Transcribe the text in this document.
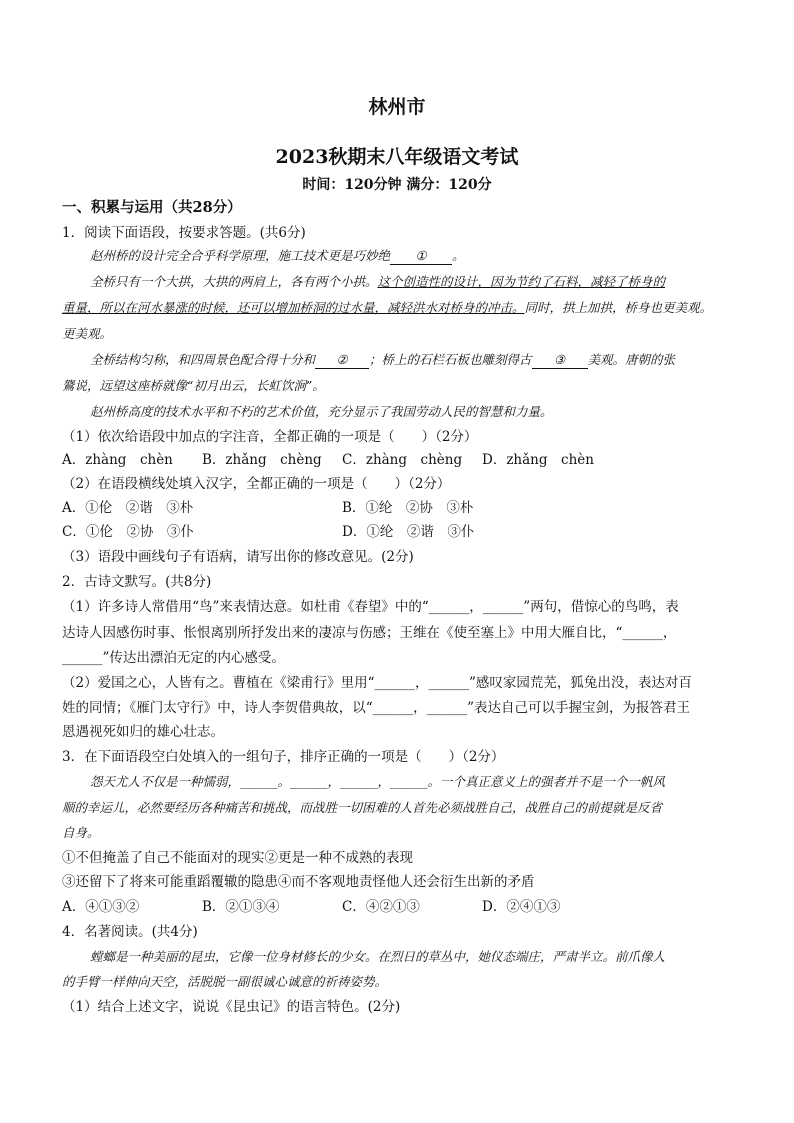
林州市
2023秋期末八年级语文考试
时间：120分钟 满分：120分
一、积累与运用（共28分）
1．阅读下面语段，按要求答题。(共6分)
赵州桥的设计完全合乎科学原理，施工技术更是巧妙绝 ① 。
全桥只有一个大拱，大拱的两肩上，各有两个小拱。这个创造性的设计，因为节约了石料，减轻了桥身的
重量，所以在河水暴涨的时候，还可以增加桥洞的过水量，减轻洪水对桥身的冲击。同时，拱上加拱，桥身也更美观。
更美观。
全桥结构匀称，和四周景色配合得十分和 ② ；桥上的石栏石板也雕刻得古 ③ 美观。唐朝的张
鷟说，远望这座桥就像“初月出云，长虹饮涧”。
赵州桥高度的技术水平和不朽的艺术价值，充分显示了我国劳动人民的智慧和力量。
（1）依次给语段中加点的字注音，全都正确的一项是（　　）（2分）
A．zhàng　chèn B．zhǎng　chèng C．zhàng　chèng D．zhǎng　chèn
（2）在语段横线处填入汉字，全都正确的一项是（　　）（2分）
A．①伦　②谐　③朴	B．①纶　②协　③朴
C．①伦　②协　③仆	D．①纶　②谐　③仆
（3）语段中画线句子有语病，请写出你的修改意见。(2分)
2．古诗文默写。(共8分)
（1）许多诗人常借用“鸟”来表情达意。如杜甫《春望》中的“______，______”两句，借惊心的鸟鸣，表
达诗人因感伤时事、怅恨离别所抒发出来的凄凉与伤感；王维在《使至塞上》中用大雁自比，“______，
______”传达出漂泊无定的内心感受。
（2）爱国之心，人皆有之。曹植在《梁甫行》里用“______，______”感叹家园荒芜，狐兔出没，表达对百
姓的同情；《雁门太守行》中，诗人李贺借典故，以“______，______”表达自己可以手握宝剑，为报答君王
恩遇视死如归的雄心壮志。
3．在下面语段空白处填入的一组句子，排序正确的一项是（　　）（2分）
怨天尤人不仅是一种懦弱，______。______，______，______。一个真正意义上的强者并不是一个一帆风
顺的幸运儿，必然要经历各种痛苦和挑战，而战胜一切困难的人首先必须战胜自己，战胜自己的前提就是反省
自身。
①不但掩盖了自己不能面对的现实②更是一种不成熟的表现
③还留下了将来可能重蹈覆辙的隐患④而不客观地责怪他人还会衍生出新的矛盾
A．④①③②	B．②①③④	C．④②①③	D．②④①③
4．名著阅读。(共4分)
螳螂是一种美丽的昆虫，它像一位身材修长的少女。在烈日的草丛中，她仪态端庄，严肃半立。前爪像人
的手臂一样伸向天空，活脱脱一副很诚心诚意的祈祷姿势。
（1）结合上述文字，说说《昆虫记》的语言特色。(2分)
